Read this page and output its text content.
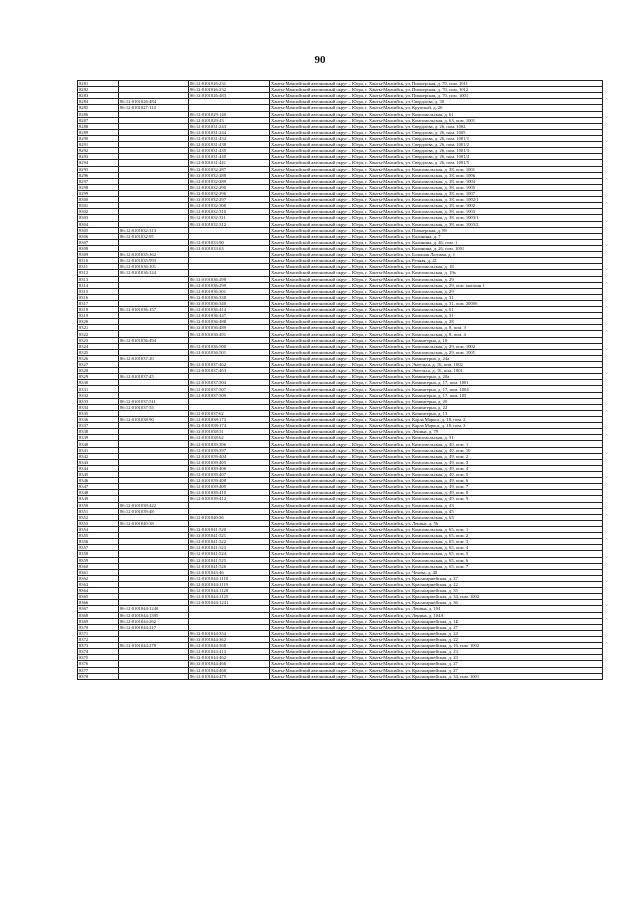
90
8281		86:12:0101026:231	Ханты-Мансийский автономный округ – Югра, г. Ханты-Мансийск, ул. Пионерская, д. 70, пом. 1011
8282		86:12:0101026:232	Ханты-Мансийский автономный округ – Югра, г. Ханты-Мансийск, ул. Пионерская, д. 70, пом. 1012
8283		86:12:0101026:483	Ханты-Мансийский автономный округ – Югра, г. Ханты-Мансийск, ул. Пионерская, д. 70, пом. 1001
8284	86:12:0101026:484		Ханты-Мансийский автономный округ – Югра, г. Ханты-Мансийск, ул. Свердлова, д. 30
8285	86:12:0101027:114		Ханты-Мансийский автономный округ – Югра, г. Ханты-Мансийск, ул. Крупской, д. 26
8286		86:12:0101029:140	Ханты-Мансийский автономный округ – Югра, г. Ханты-Мансийск, ул. Комсомольская, д. 61
8287		86:12:0101029:43	Ханты-Мансийский автономный округ – Югра, г. Ханты-Мансийск, ул. Комсомольская, д. 63, пом. 1001
8288		86:12:0101031:243	Ханты-Мансийский автономный округ – Югра, г. Ханты-Мансийск, ул. Свердлова, д. 26, пом. 1002
8289		86:12:0101031:244	Ханты-Мансийский автономный округ – Югра, г. Ханты-Мансийск, ул. Свердлова, д. 26, пом. 1005
8290		86:12:0101031:432	Ханты-Мансийский автономный округ – Югра, г. Ханты-Мансийск, ул. Свердлова, д. 26, пом. 1001/1
8291		86:12:0101031:438	Ханты-Мансийский автономный округ – Югра, г. Ханты-Мансийск, ул. Свердлова, д. 26, пом. 1001/2
8292		86:12:0101031:439	Ханты-Мансийский автономный округ – Югра, г. Ханты-Мансийск, ул. Свердлова, д. 26, пом. 1001/3
8293		86:12:0101031:440	Ханты-Мансийский автономный округ – Югра, г. Ханты-Мансийск, ул. Свердлова, д. 26, пом. 1001/4
8294		86:12:0101031:441	Ханты-Мансийский автономный округ – Югра, г. Ханты-Мансийск, ул. Свердлова, д. 26, пом. 1001/5
8295		86:12:0101032:287	Ханты-Мансийский автономный округ – Югра, г. Ханты-Мансийск, ул. Комсомольская, д. 38, пом. 1001
8296		86:12:0101032:288	Ханты-Мансийский автономный округ – Югра, г. Ханты-Мансийск, ул. Комсомольская, д. 38, пом. 1006
8297		86:12:0101032:289	Ханты-Мансийский автономный округ – Югра, г. Ханты-Мансийск, ул. Комсомольская, д. 38, пом. 1004
8298		86:12:0101032:290	Ханты-Мансийский автономный округ – Югра, г. Ханты-Мансийск, ул. Комсомольская, д. 38, пом. 1005
8299		86:12:0101032:296	Ханты-Мансийский автономный округ – Югра, г. Ханты-Мансийск, ул. Комсомольская, д. 38, пом. 1007
8300		86:12:0101032:297	Ханты-Мансийский автономный округ – Югра, г. Ханты-Мансийск, ул. Комсомольская, д. 38, пом. 1002/1
8301		86:12:0101032:308	Ханты-Мансийский автономный округ – Югра, г. Ханты-Мансийск, ул. Комсомольская, д. 38, пом. 1002
8302		86:12:0101032:310	Ханты-Мансийский автономный округ – Югра, г. Ханты-Мансийск, ул. Комсомольская, д. 38, пом. 1003
8303		86:12:0101032:311	Ханты-Мансийский автономный округ – Югра, г. Ханты-Мансийск, ул. Комсомольская, д. 38, пом. 1003/1
8304		86:12:0101032:312	Ханты-Мансийский автономный округ – Югра, г. Ханты-Мансийск, ул. Комсомольская, д. 38, пом. 1003/2
8305	86:12:0101032:313		Ханты-Мансийский автономный округ – Югра, г. Ханты-Мансийск, ул. Пионерская, д. 89
8306	86:12:0101032:95		Ханты-Мансийский автономный округ – Югра, г. Ханты-Мансийск, ул. Калинина, д. 7
8307		86:12:0101033:90	Ханты-Мансийский автономный округ – Югра, г. Ханты-Мансийск, ул. Калинина, д. 46, пом. 1
8308		86:12:0101033:63	Ханты-Мансийский автономный округ – Югра, г. Ханты-Мансийск, ул. Калинина, д. 26, пом. 1001
8309	86:12:0101035:162		Ханты-Мансийский автономный округ – Югра, г. Ханты-Мансийск, ул. Большая Логовая, д. 1
8310	86:12:0101035:993		Ханты-Мансийский автономный округ – Югра, г. Ханты-Мансийск, ул. Речная, д. 41
8311	86:12:0101036:101		Ханты-Мансийский автономный округ – Югра, г. Ханты-Мансийск, ул. Комсомольская, д. 18
8312	86:12:0101036:124		Ханты-Мансийский автономный округ – Югра, г. Ханты-Мансийск, ул. Комсомольская, д. 19а
8313		86:12:0101036:298	Ханты-Мансийский автономный округ – Югра, г. Ханты-Мансийск, ул. Комсомольская, д. 29
8314		86:12:0101036:299	Ханты-Мансийский автономный округ – Югра, г. Ханты-Мансийск, ул. Комсомольская, д. 29, пом. магазин 1
8315		86:12:0101036:301	Ханты-Мансийский автономный округ – Югра, г. Ханты-Мансийск, ул. Комсомольская, д. 29
8316		86:12:0101036:338	Ханты-Мансийский автономный округ – Югра, г. Ханты-Мансийск, ул. Комсомольская, д. 31
8317		86:12:0101036:340	Ханты-Мансийский автономный округ – Югра, г. Ханты-Мансийск, ул. Комсомольская, д. 31, пом. 2000б
8318	86:12:0101036:157	86:12:0101036:414	Ханты-Мансийский автономный округ – Югра, г. Ханты-Мансийск, ул. Комсомольская, д. 61
8319		86:12:0101036:447	Ханты-Мансийский автономный округ – Югра, г. Ханты-Мансийск, ул. Комсомольская, д. 31
8320		86:12:0101036:488	Ханты-Мансийский автономный округ – Югра, г. Ханты-Мансийск, ул. Комсомольская, д. 28
8321		86:12:0101036:489	Ханты-Мансийский автономный округ – Югра, г. Ханты-Мансийск, ул. Комсомольская, д. 8, пом. 3
8322		86:12:0101036:491	Ханты-Мансийский автономный округ – Югра, г. Ханты-Мансийск, ул. Комсомольская, д. 8, пом. 4
8323	86:12:0101036:494		Ханты-Мансийский автономный округ – Югра, г. Ханты-Мансийск, ул. Коминтерна, д. 10
8324		86:12:0101036:500	Ханты-Мансийский автономный округ – Югра, г. Ханты-Мансийск, ул. Комсомольская, д. 29, пом. 1002
8325		86:12:0101036:501	Ханты-Мансийский автономный округ – Югра, г. Ханты-Мансийск, ул. Комсомольская, д. 29, пом. 1001
8326	86:12:0101037:20		Ханты-Мансийский автономный округ – Югра, г. Ханты-Мансийск, ул. Коминтерна, д. 24а
8327		86:12:0101037:462	Ханты-Мансийский автономный округ – Югра, г. Ханты-Мансийск, ул. Энгельса, д. 16, пом. 1002
8328		86:12:0101037:463	Ханты-Мансийский автономный округ – Югра, г. Ханты-Мансийск, ул. Энгельса, д. 16, пом. 1001
8329	86:12:0101037:45		Ханты-Мансийский автономный округ – Югра, г. Ханты-Мансийск, ул. Коминтерна, д. 20а
8330		86:12:0101037:504	Ханты-Мансийский автономный округ – Югра, г. Ханты-Мансийск, ул. Коминтерна, д. 17, пом. 1001
8331		86:12:0101037:507	Ханты-Мансийский автономный округ – Югра, г. Ханты-Мансийск, ул. Коминтерна, д. 17, пом. 1004
8332		86:12:0101037:509	Ханты-Мансийский автономный округ – Югра, г. Ханты-Мансийск, ул. Коминтерна, д. 17, пом. 105
8333	86:12:0101037:511		Ханты-Мансийский автономный округ – Югра, г. Ханты-Мансийск, ул. Коминтерна, д. 20
8334	86:12:0101037:55		Ханты-Мансийский автономный округ – Югра, г. Ханты-Мансийск, ул. Коминтерна, д. 22
8335		86:12:0101037:62	Ханты-Мансийский автономный округ – Югра, г. Ханты-Мансийск, ул. Коминтерна, д. 13
8336	86:12:0101038:90	86:12:0101038:173	Ханты-Мансийский автономный округ – Югра, г. Ханты-Мансийск, ул. Карла Маркса, д. 18, пом. 2
8337		86:12:0101038:174	Ханты-Мансийский автономный округ – Югра, г. Ханты-Мансийск, ул. Карла Маркса, д. 18, пом. 3
8338		86:12:0101038:51	Ханты-Мансийский автономный округ – Югра, г. Ханты-Мансийск, ул. Ленина, д. 79
8339		86:12:0101038:62	Ханты-Мансийский автономный округ – Югра, г. Ханты-Мансийск, ул. Комсомольская, д. 31
8340		86:12:0101039:396	Ханты-Мансийский автономный округ – Югра, г. Ханты-Мансийск, ул. Комсомольская, д. 49, пом. 1
8341		86:12:0101039:397	Ханты-Мансийский автономный округ – Югра, г. Ханты-Мансийск, ул. Комсомольская, д. 49, пом. 10
8342		86:12:0101039:404	Ханты-Мансийский автономный округ – Югра, г. Ханты-Мансийск, ул. Комсомольская, д. 49, пом. 2
8343		86:12:0101039:405	Ханты-Мансийский автономный округ – Югра, г. Ханты-Мансийск, ул. Комсомольская, д. 49, пом. 3
8344		86:12:0101039:406	Ханты-Мансийский автономный округ – Югра, г. Ханты-Мансийск, ул. Комсомольская, д. 49, пом. 4
8345		86:12:0101039:407	Ханты-Мансийский автономный округ – Югра, г. Ханты-Мансийск, ул. Комсомольская, д. 49, пом. 5
8346		86:12:0101039:408	Ханты-Мансийский автономный округ – Югра, г. Ханты-Мансийск, ул. Комсомольская, д. 49, пом. 6
8347		86:12:0101039:409	Ханты-Мансийский автономный округ – Югра, г. Ханты-Мансийск, ул. Комсомольская, д. 49, пом. 7
8348		86:12:0101039:410	Ханты-Мансийский автономный округ – Югра, г. Ханты-Мансийск, ул. Комсомольская, д. 49, пом. 8
8349		86:12:0101039:412	Ханты-Мансийский автономный округ – Югра, г. Ханты-Мансийск, ул. Комсомольская, д. 49, пом. 9
8350	86:12:0101039:422		Ханты-Мансийский автономный округ – Югра, г. Ханты-Мансийск, ул. Комсомольская, д. 43
8351	86:12:0101039:48		Ханты-Мансийский автономный округ – Югра, г. Ханты-Мансийск, ул. Комсомольская, д. 45
8352		86:12:0101040:36	Ханты-Мансийский автономный округ – Югра, г. Ханты-Мансийск, ул. Комсомольская, д. 63
8353	86:12:0101040:38		Ханты-Мансийский автономный округ – Югра, г. Ханты-Мансийск, ул. Ленина, д. 56
8354		86:12:0101041:520	Ханты-Мансийский автономный округ – Югра, г. Ханты-Мансийск, ул. Комсомольская, д. 65, пом. 1
8355		86:12:0101041:521	Ханты-Мансийский автономный округ – Югра, г. Ханты-Мансийск, ул. Комсомольская, д. 65, пом. 2
8356		86:12:0101041:522	Ханты-Мансийский автономный округ – Югра, г. Ханты-Мансийск, ул. Комсомольская, д. 65, пом. 3
8357		86:12:0101041:523	Ханты-Мансийский автономный округ – Югра, г. Ханты-Мансийск, ул. Комсомольская, д. 65, пом. 4
8358		86:12:0101041:524	Ханты-Мансийский автономный округ – Югра, г. Ханты-Мансийск, ул. Комсомольская, д. 65, пом. 5
8359		86:12:0101041:525	Ханты-Мансийский автономный округ – Югра, г. Ханты-Мансийск, ул. Комсомольская, д. 65, пом. 6
8360		86:12:0101041:526	Ханты-Мансийский автономный округ – Югра, г. Ханты-Мансийск, ул. Комсомольская, д. 65, пом. 7
8361		86:12:0101043:46	Ханты-Мансийский автономный округ – Югра, г. Ханты-Мансийск, ул. Чехова, д. 40
8362		86:12:0101044:1118	Ханты-Мансийский автономный округ – Югра, г. Ханты-Мансийск, ул. Красноармейская, д. 27
8363		86:12:0101044:1119	Ханты-Мансийский автономный округ – Югра, г. Ханты-Мансийск, ул. Красноармейская, д. 22
8364		86:12:0101044:1120	Ханты-Мансийский автономный округ – Югра, г. Ханты-Мансийск, ул. Красноармейская, д. 35
8365		86:12:0101044:1125	Ханты-Мансийский автономный округ – Югра, г. Ханты-Мансийск, ул. Красноармейская, д. 34, пом. 1002
8366		86:12:0101044:1241	Ханты-Мансийский автономный округ – Югра, г. Ханты-Мансийск, ул. Красноармейская, д. 36
8367	86:12:0101044:1248		Ханты-Мансийский автономный округ – Югра, г. Ханты-Мансийск, ул. Ленина, д. 104
8368	86:12:0101044:1395		Ханты-Мансийский автономный округ – Югра, г. Ханты-Мансийск, ул. Ленина, д. 104А
8369	86:12:0101044:262		Ханты-Мансийский автономный округ – Югра, г. Ханты-Мансийск, ул. Красноармейская, д. 1Б
8370	86:12:0101044:317		Ханты-Мансийский автономный округ – Югра, г. Ханты-Мансийск, ул. Красноармейская, д. 27
8371		86:12:0101044:354	Ханты-Мансийский автономный округ – Югра, г. Ханты-Мансийск, ул. Красноармейская, д. 24
8372		86:12:0101044:362	Ханты-Мансийский автономный округ – Югра, г. Ханты-Мансийск, ул. Красноармейская, д. 22
8373	86:12:0101044:279	86:12:0101044:368	Ханты-Мансийский автономный округ – Югра, г. Ханты-Мансийск, ул. Красноармейская, д. 16, пом. 1002
8374		86:12:0101044:413	Ханты-Мансийский автономный округ – Югра, г. Ханты-Мансийск, ул. Красноармейская, д. 23
8375		86:12:0101044:462	Ханты-Мансийский автономный округ – Югра, г. Ханты-Мансийск, ул. Красноармейская, д. 23
8376		86:12:0101044:466	Ханты-Мансийский автономный округ – Югра, г. Ханты-Мансийск, ул. Красноармейская, д. 27
8377		86:12:0101044:468	Ханты-Мансийский автономный округ – Югра, г. Ханты-Мансийск, ул. Красноармейская, д. 27
8378		86:12:0101044:479	Ханты-Мансийский автономный округ – Югра, г. Ханты-Мансийск, ул. Красноармейская, д. 34, пом. 1001
